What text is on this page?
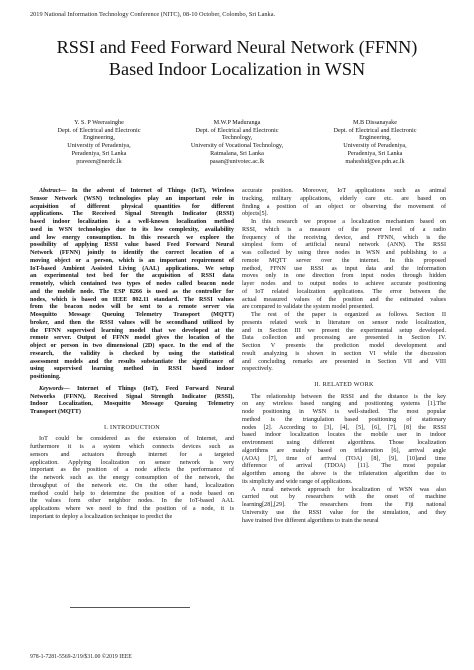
2019 National Information Technology Conference (NITC), 08-10 October, Colombo, Sri Lanka.
RSSI and Feed Forward Neural Network (FFNN)
Based Indoor Localization in WSN
Y. S. P Weerasinghe
Dept. of Electrical and Electronic
Engineering,
University of Peradeniya,
Peradeniya, Sri Lanka
praveen@nerdc.lk
M.W.P Maduranga
Dept. of Electrical and Electronic
Technology,
University of Vocational Technology,
Ratmalana, Sri Lanka
pasan@univotec.ac.lk
M.B Dissanayake
Dept. of Electrical and Electronic
Engineering,
University of Peradeniya,
Peradeniya, Sri Lanka
maheshid@ee.pdn.ac.lk

Abstract— In the advent of Internet of Things (IoT), Wireless

Sensor Network (WSN) technologies play an important role in

acquisition of different physical quantities for different

applications. The Received Signal Strength Indicator (RSSI)

based indoor localization is a well-known localization method

used in WSN technologies due to its low complexity, availability

and low energy consumption. In this research we explore the

possibility of applying RSSI value based Feed Forward Neural

Network (FFNN) jointly to identify the correct location of a

moving object or a person, which is an important requirement of

IoT-based Ambient Assisted Living (AAL) applications. We setup

an experimental test bed for the acquisition of RSSI data

remotely, which contained two types of nodes called beacon node

and the mobile node. The ESP 8266 is used as the controller for

nodes, which is based on IEEE 802.11 standard. The RSSI values

from the beacon nodes will be sent to a remote server via

Mosquitto Message Queuing Telemetry Transport (MQTT)

broker, and then the RSSI values will be secondhand utilized by

the FFNN supervised learning model that we developed at the

remote server. Output of FFNN model gives the location of the

object or person in two dimensional (2D) space. In the end of the

research, the validity is checked by using the statistical

assessment models and the results substantiate the significance of

using supervised learning method in RSSI based indoor

positioning.

Keywords— Internet of Things (IoT), Feed Forward Neural

Networks (FFNN), Received Signal Strength Indicator (RSSI),

Indoor Localization, Mosquitto Message Queuing Telemetry

Transport (MQTT)

I. INTRODUCTION

IoT could be considered as the extension of Internet, and

furthermore it is a system which connects devices such as

sensors and actuators through internet for a targeted

application. Applying localization on sensor network is very

important as the position of a node affects the performance of

the network such as the energy consumption of the network, the

throughput of the network etc. On the other hand, localization

method could help to determine the position of a node based on

the values form other neighbor nodes. In the IoT-based AAL

applications where we need to find the position of a node, it is

important to deploy a localization technique to predict the

accurate position. Moreover, IoT applications such as animal

tracking, military applications, elderly care etc. are based on

finding a position of an object or observing the movement of

objects[5].

In this research we propose a localization mechanism based on

RSSI, which is a measure of the power level of a radio

frequency of the receiving device, and FFNN, which is the

simplest form of artificial neural network (ANN). The RSSI

was collected by using three nodes in WSN and publishing to a

remote MQTT server over the internet. In this proposed

method, FFNN use RSSI as input data and the information

moves only in one direction from input nodes through hidden

layer nodes and to output nodes to achieve accurate positioning

of IoT related localization applications. The error between the

actual measured values of the position and the estimated values

are compared to validate the system model presented.

The rest of the paper is organized as follows. Section II

presents related work in literature on sensor node localization,

and in Section III we present the experimental setup developed.

Data collection and processing are presented in Section IV.

Section V presents the prediction model development and

result analyzing is shown in section VI while the discussion

and concluding remarks are presented in Section VII and VIII

respectively.

II. RELATED WORK

The relationship between the RSSI and the distance is the key

on any wireless based ranging and positioning systems [1].The

node positioning in WSN is well-studied. The most popular

method is the triangulation based positioning of stationary

nodes [2]. According to [3], [4], [5], [6], [7], [8] the RSSI

based indoor localization locates the mobile user in indoor

environment using different algorithms. Those localization

algorithms are mainly based on trilateration [6], arrival angle

(AOA) [7], time of arrival (TOA) [8], [9], [10]and time

difference of arrival (TDOA) [11]. The most popular

algorithm among the above is the trilateration algorithm due to

its simplicity and wide range of applications.

A rural network approach for localization of WSN was also

carried out by researchers with the onset of machine

learning[28],[29]. The researchers from the Fiji national

University use the RSSI value for the simulation, and they

have trained five different algorithms to train the neural

978-1-7281-5569-2/19/$31.00 ©2019 IEEE
